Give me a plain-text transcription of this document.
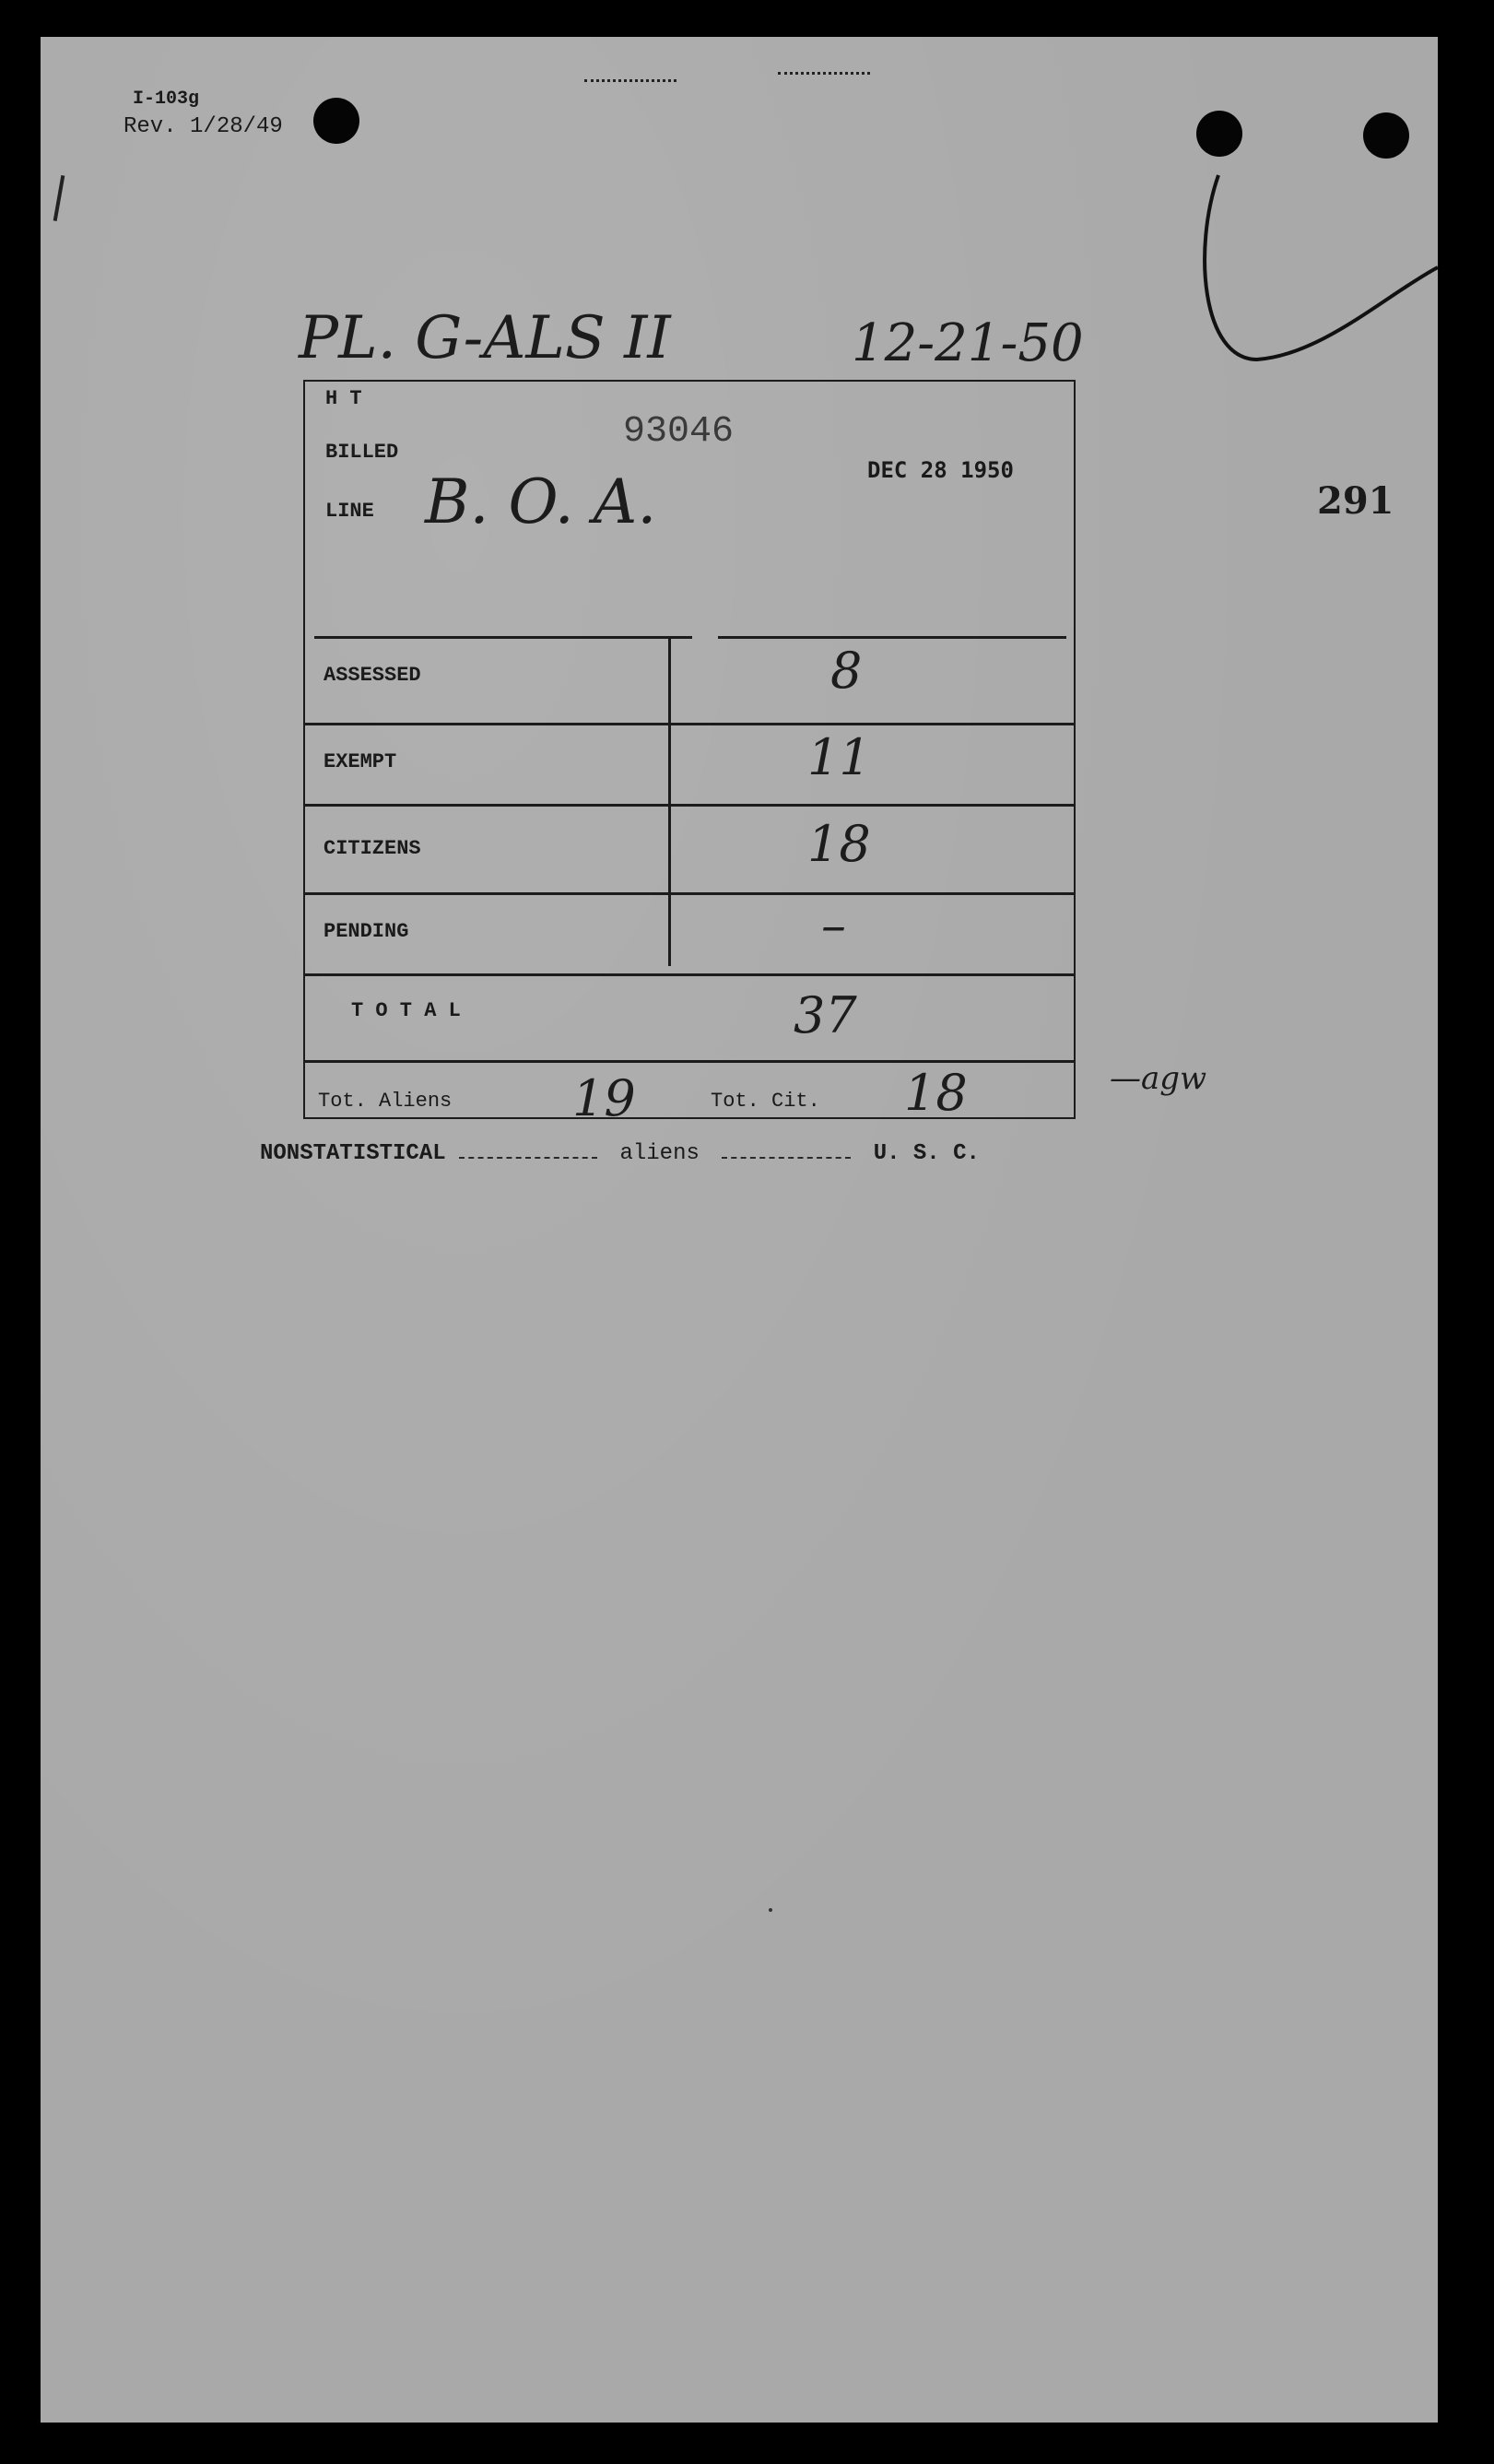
I-103g
Rev. 1/28/49
PL. G-ALS II	12-21-50
291
H T
BILLED
LINE
93046
DEC 28 1950
B. O. A.
ASSESSED	8
EXEMPT	11
CITIZENS	18
PENDING	–
T O T A L	37
Tot. Aliens 19	Tot. Cit. 18	—agw
NONSTATISTICAL	aliens	U. S. C.
